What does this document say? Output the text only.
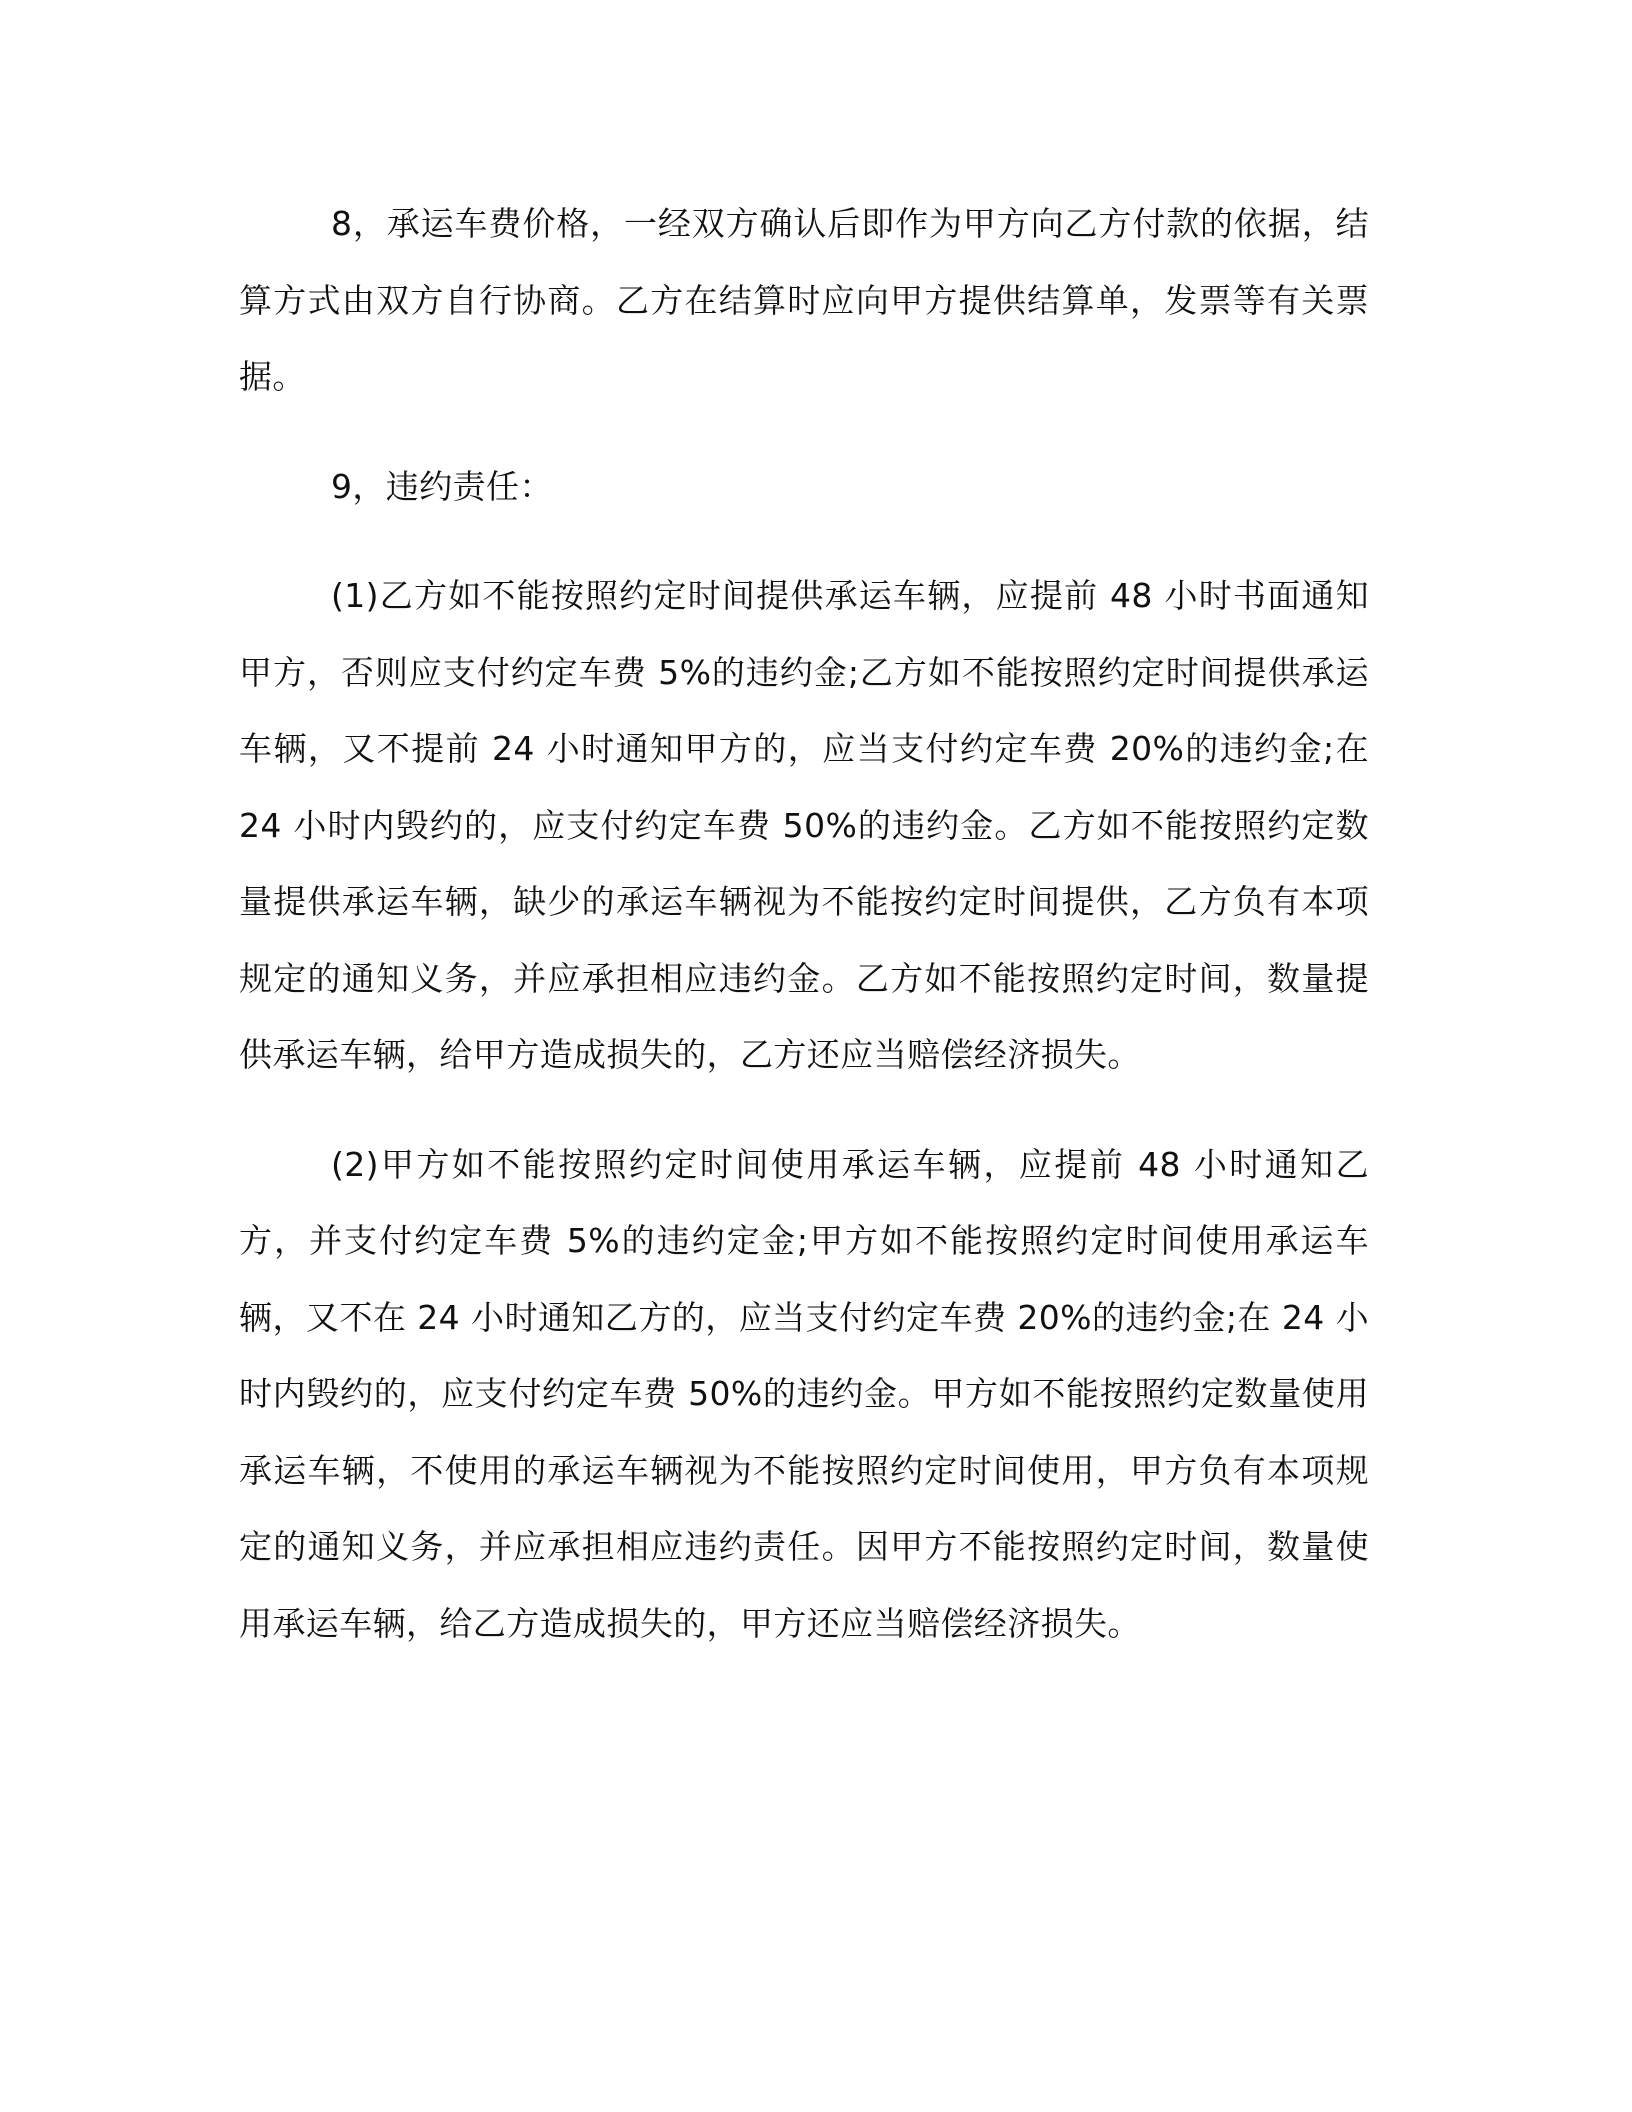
8，承运车费价格，一经双方确认后即作为甲方向乙方付款的依据，结算方式由双方自行协商。乙方在结算时应向甲方提供结算单，发票等有关票据。

9，违约责任：

(1)乙方如不能按照约定时间提供承运车辆，应提前 48 小时书面通知甲方，否则应支付约定车费 5%的违约金;乙方如不能按照约定时间提供承运车辆，又不提前 24 小时通知甲方的，应当支付约定车费 20%的违约金;在 24 小时内毁约的，应支付约定车费 50%的违约金。乙方如不能按照约定数量提供承运车辆，缺少的承运车辆视为不能按约定时间提供，乙方负有本项规定的通知义务，并应承担相应违约金。乙方如不能按照约定时间，数量提供承运车辆，给甲方造成损失的，乙方还应当赔偿经济损失。

(2)甲方如不能按照约定时间使用承运车辆，应提前 48 小时通知乙方，并支付约定车费 5%的违约定金;甲方如不能按照约定时间使用承运车辆，又不在 24 小时通知乙方的，应当支付约定车费 20%的违约金;在 24 小时内毁约的，应支付约定车费 50%的违约金。甲方如不能按照约定数量使用承运车辆，不使用的承运车辆视为不能按照约定时间使用，甲方负有本项规定的通知义务，并应承担相应违约责任。因甲方不能按照约定时间，数量使用承运车辆，给乙方造成损失的，甲方还应当赔偿经济损失。
